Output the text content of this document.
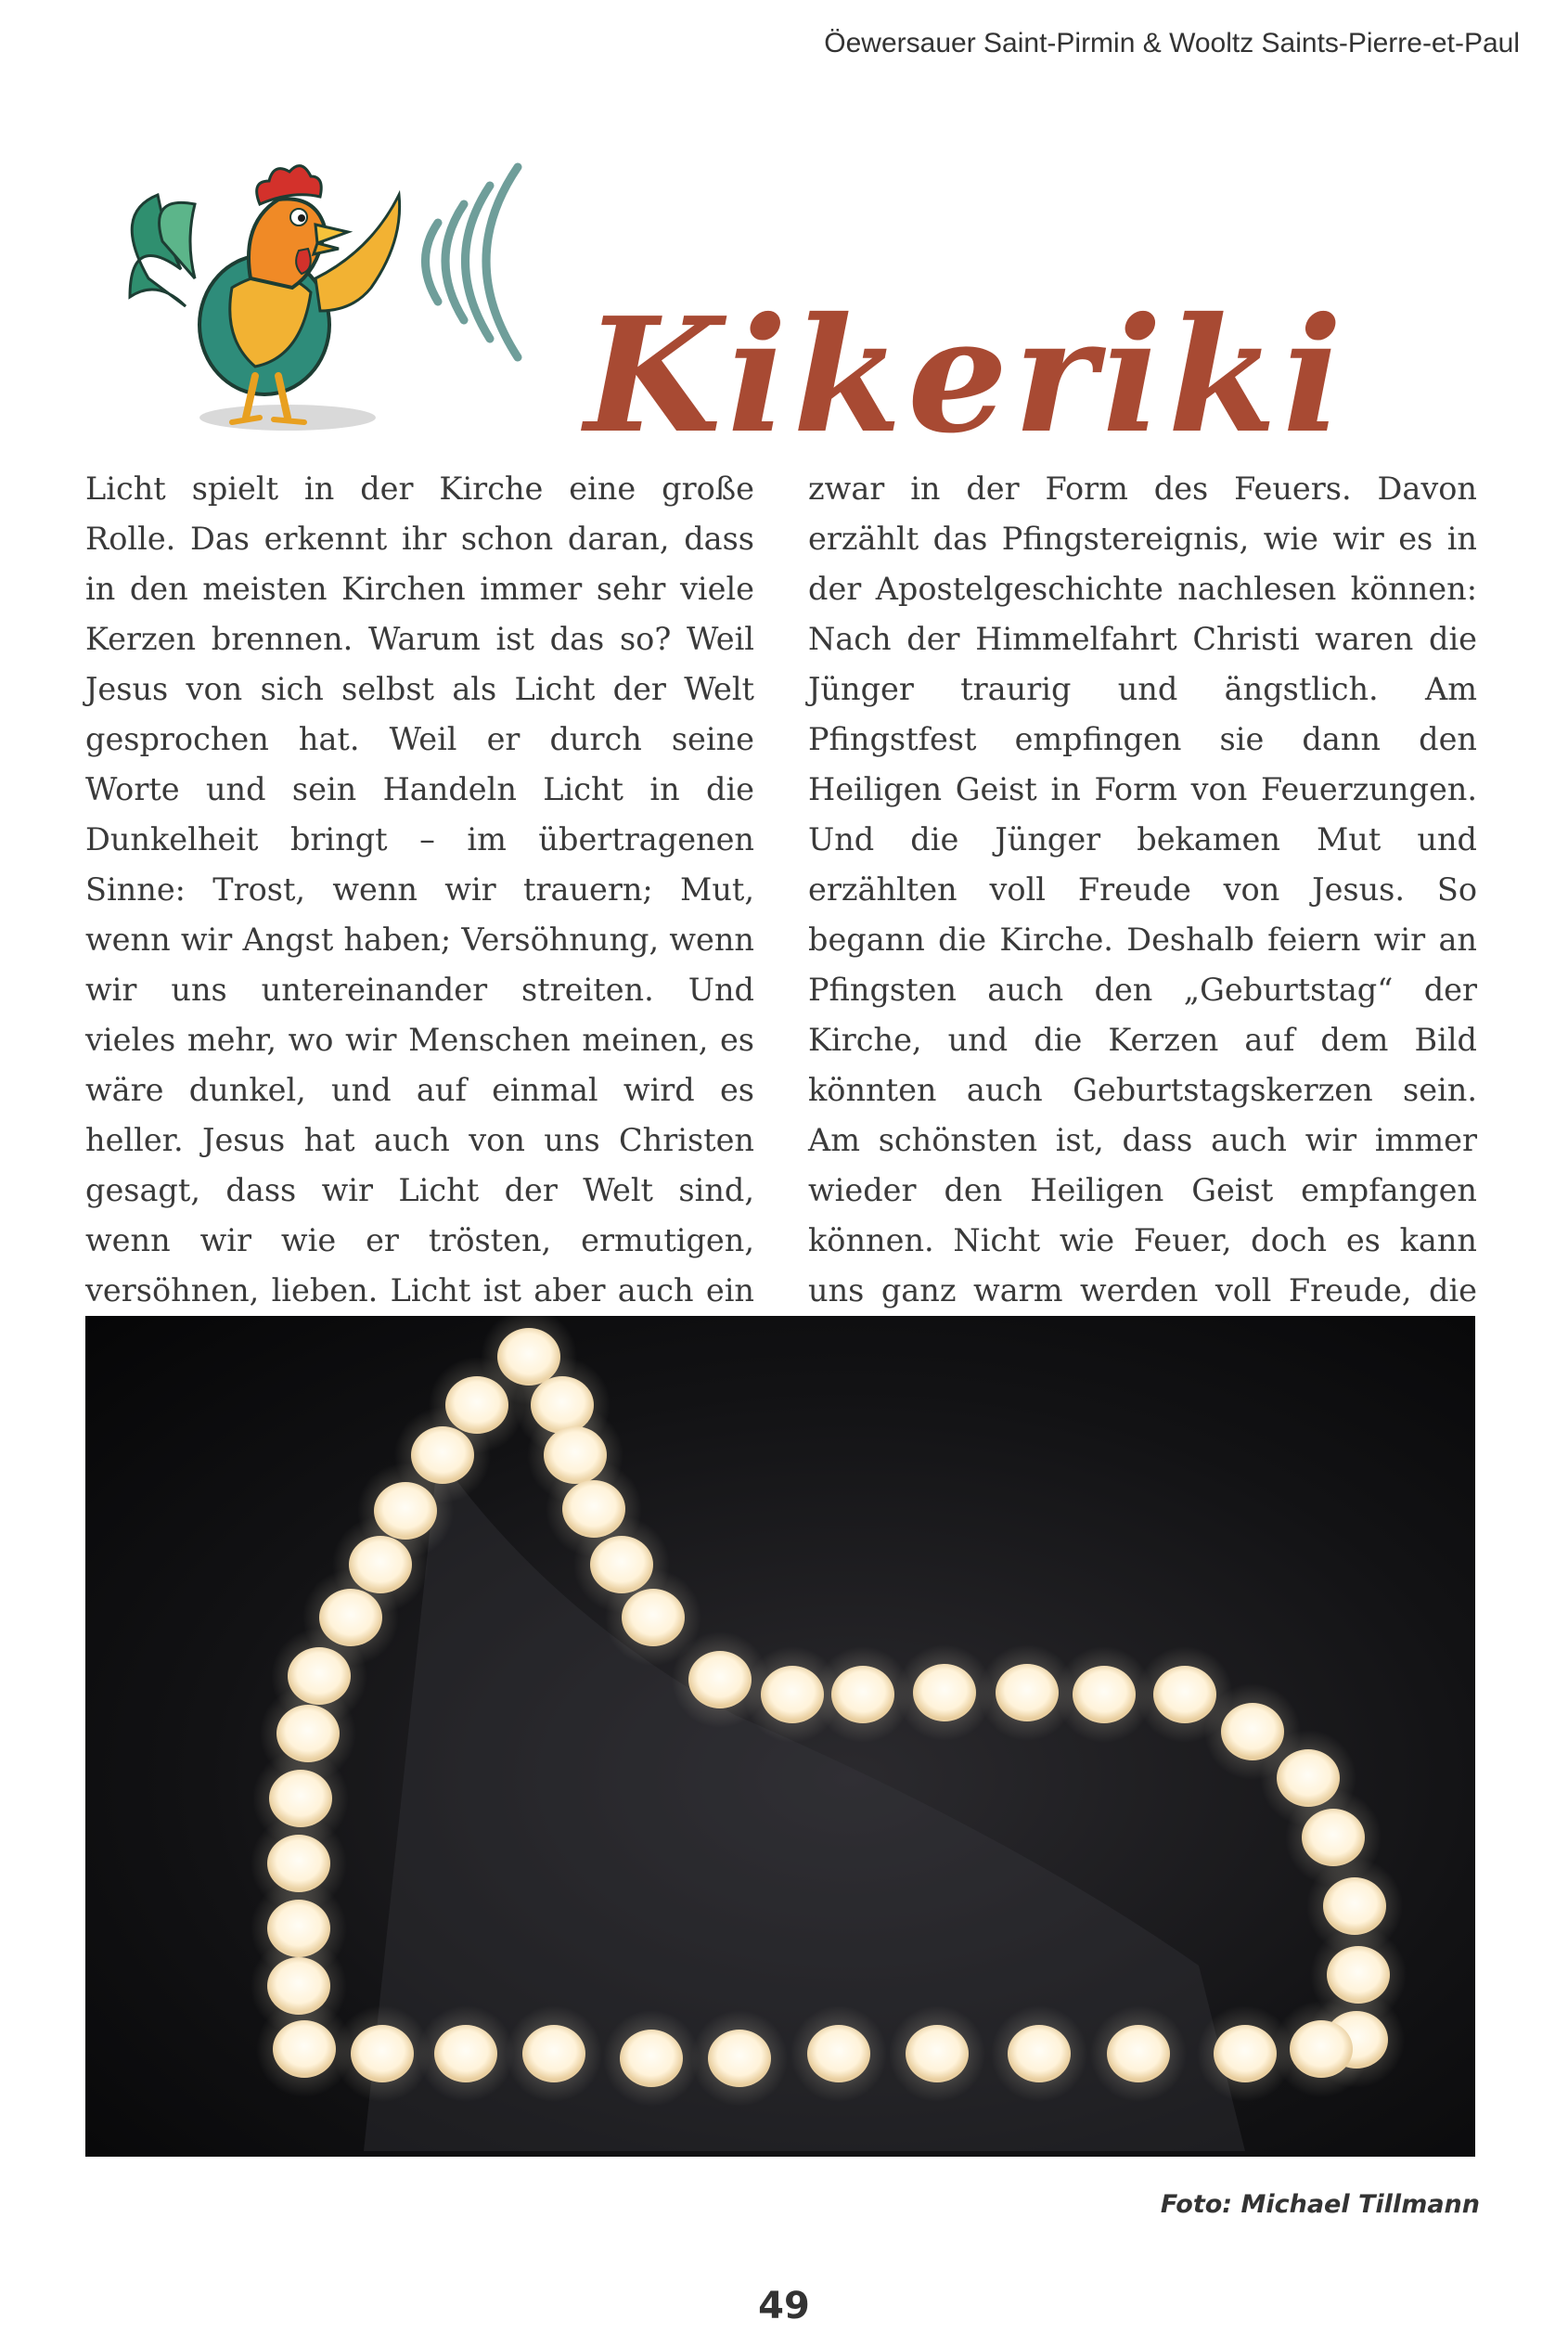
Öewersauer Saint-Pirmin & Wooltz Saints-Pierre-et-Paul
Kikeriki

Licht spielt in der Kirche eine große Rolle. Das erkennt ihr schon daran, dass in den meisten Kirchen immer sehr viele Kerzen brennen. Warum ist das so? Weil Jesus von sich selbst als Licht der Welt gesprochen hat. Weil er durch seine Worte und sein Handeln Licht in die Dunkelheit bringt – im übertragenen Sinne: Trost, wenn wir trauern; Mut, wenn wir Angst haben; Versöhnung, wenn wir uns untereinander streiten. Und vieles mehr, wo wir Menschen meinen, es wäre dunkel, und auf einmal wird es heller. Jesus hat auch von uns Christen gesagt, dass wir Licht der Welt sind, wenn wir wie er trösten, ermutigen, versöhnen, lieben. Licht ist aber auch ein

zwar in der Form des Feuers. Davon erzählt das Pfingstereignis, wie wir es in der Apostelgeschichte nachlesen können: Nach der Himmelfahrt Christi waren die Jünger traurig und ängstlich. Am Pfingstfest empfingen sie dann den Heiligen Geist in Form von Feuerzungen. Und die Jünger bekamen Mut und erzählten voll Freude von Jesus. So begann die Kirche. Deshalb feiern wir an Pfingsten auch den „Geburtstag“ der Kirche, und die Kerzen auf dem Bild könnten auch Geburtstagskerzen sein. Am schönsten ist, dass auch wir immer wieder den Heiligen Geist empfangen können. Nicht wie Feuer, doch es kann uns ganz warm werden voll Freude, die

Foto: Michael Tillmann
49
